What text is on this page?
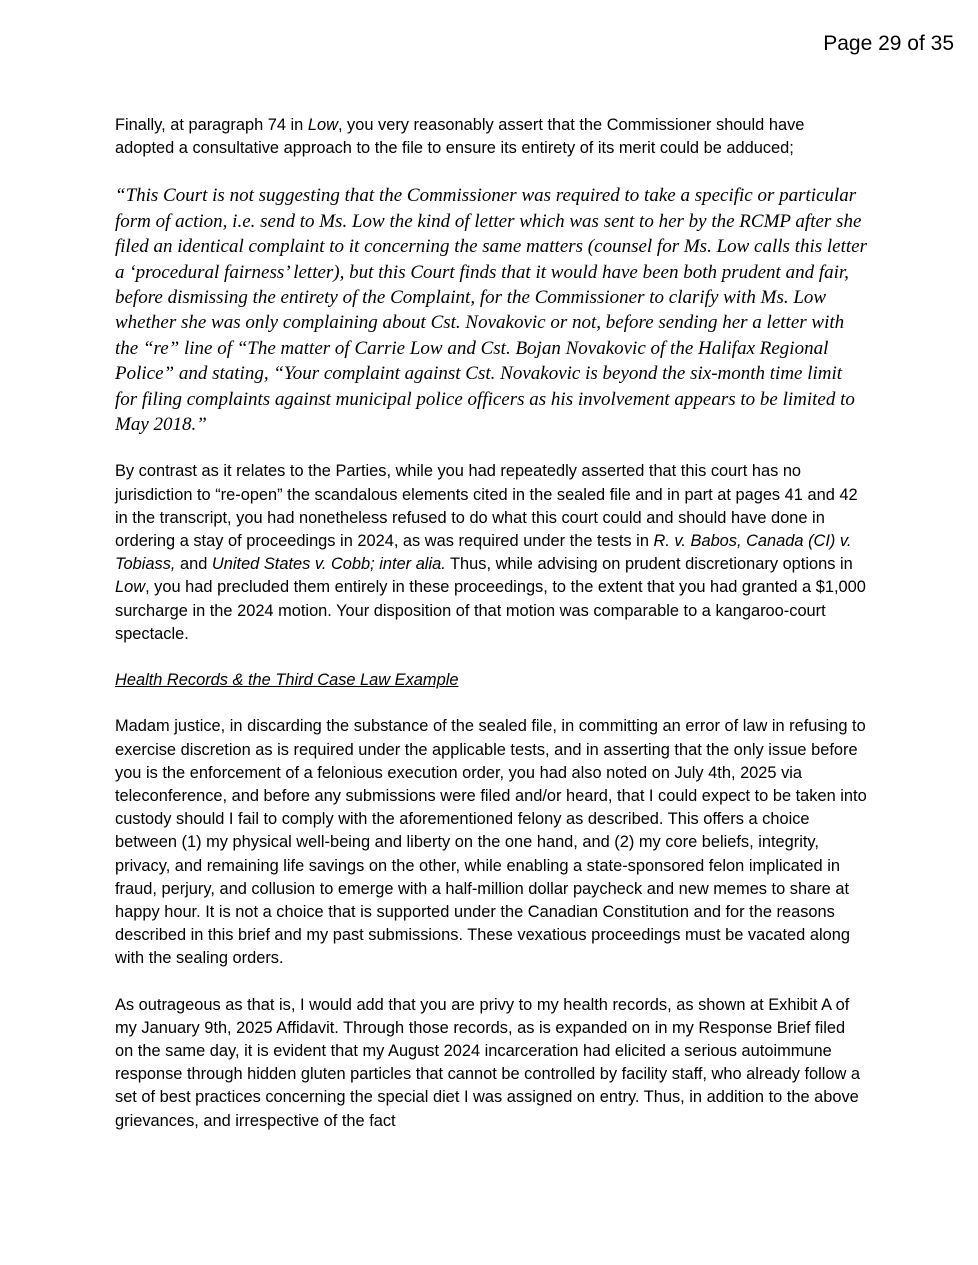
Page 29 of 35

Finally, at paragraph 74 in Low, you very reasonably assert that the Commissioner should have adopted a consultative approach to the file to ensure its entirety of its merit could be adduced;

“This Court is not suggesting that the Commissioner was required to take a specific or particular form of action, i.e. send to Ms. Low the kind of letter which was sent to her by the RCMP after she filed an identical complaint to it concerning the same matters (counsel for Ms. Low calls this letter a ‘procedural fairness’ letter), but this Court finds that it would have been both prudent and fair, before dismissing the entirety of the Complaint, for the Commissioner to clarify with Ms. Low whether she was only complaining about Cst. Novakovic or not, before sending her a letter with the “re” line of “The matter of Carrie Low and Cst. Bojan Novakovic of the Halifax Regional Police” and stating, “Your complaint against Cst. Novakovic is beyond the six-month time limit for filing complaints against municipal police officers as his involvement appears to be limited to May 2018.”

By contrast as it relates to the Parties, while you had repeatedly asserted that this court has no jurisdiction to “re-open” the scandalous elements cited in the sealed file and in part at pages 41 and 42 in the transcript, you had nonetheless refused to do what this court could and should have done in ordering a stay of proceedings in 2024, as was required under the tests in R. v. Babos, Canada (CI) v. Tobiass, and United States v. Cobb; inter alia. Thus, while advising on prudent discretionary options in Low, you had precluded them entirely in these proceedings, to the extent that you had granted a $1,000 surcharge in the 2024 motion. Your disposition of that motion was comparable to a kangaroo-court spectacle.

Health Records & the Third Case Law Example

Madam justice, in discarding the substance of the sealed file, in committing an error of law in refusing to exercise discretion as is required under the applicable tests, and in asserting that the only issue before you is the enforcement of a felonious execution order, you had also noted on July 4th, 2025 via teleconference, and before any submissions were filed and/or heard, that I could expect to be taken into custody should I fail to comply with the aforementioned felony as described. This offers a choice between (1) my physical well-being and liberty on the one hand, and (2) my core beliefs, integrity, privacy, and remaining life savings on the other, while enabling a state-sponsored felon implicated in fraud, perjury, and collusion to emerge with a half-million dollar paycheck and new memes to share at happy hour. It is not a choice that is supported under the Canadian Constitution and for the reasons described in this brief and my past submissions. These vexatious proceedings must be vacated along with the sealing orders.

As outrageous as that is, I would add that you are privy to my health records, as shown at Exhibit A of my January 9th, 2025 Affidavit. Through those records, as is expanded on in my Response Brief filed on the same day, it is evident that my August 2024 incarceration had elicited a serious autoimmune response through hidden gluten particles that cannot be controlled by facility staff, who already follow a set of best practices concerning the special diet I was assigned on entry. Thus, in addition to the above grievances, and irrespective of the fact
